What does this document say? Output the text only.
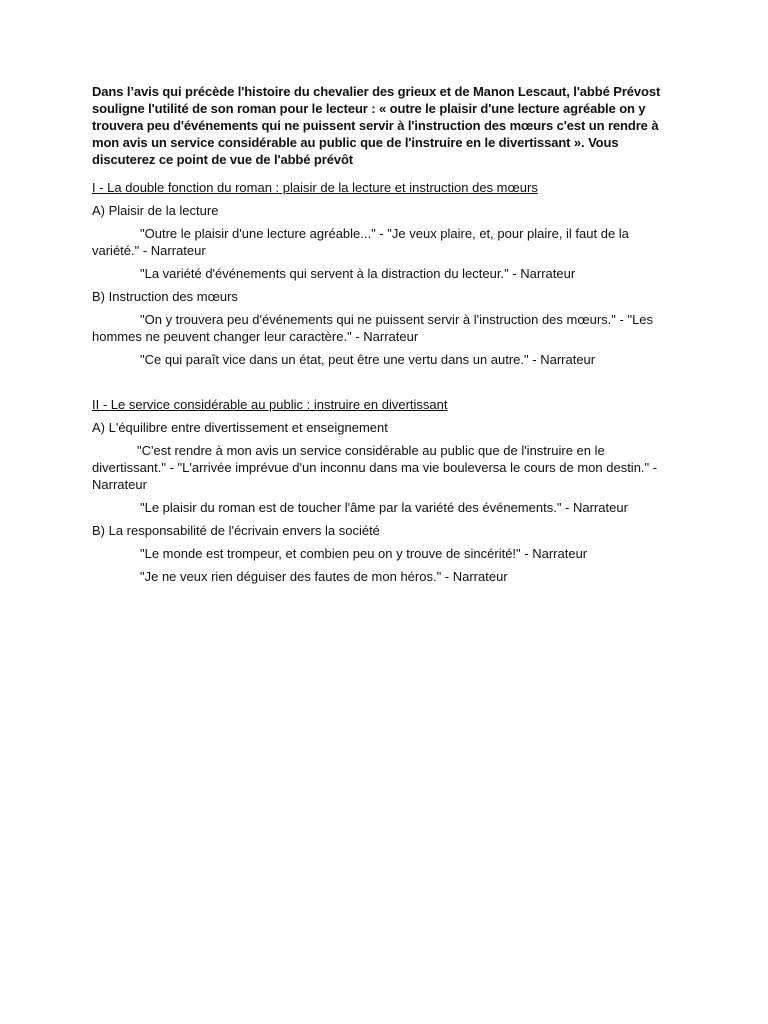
Dans l’avis qui précède l'histoire du chevalier des grieux et de Manon Lescaut, l'abbé Prévost souligne l'utilité de son roman pour le lecteur : « outre le plaisir d'une lecture agréable on y trouvera peu d'événements qui ne puissent servir à l'instruction des mœurs c'est un rendre à mon avis un service considérable au public que de l'instruire en le divertissant ». Vous discuterez ce point de vue de l'abbé prévôt

I - La double fonction du roman : plaisir de la lecture et instruction des mœurs

A) Plaisir de la lecture

"Outre le plaisir d'une lecture agréable..." - "Je veux plaire, et, pour plaire, il faut de la variété." - Narrateur

"La variété d'événements qui servent à la distraction du lecteur." - Narrateur

B) Instruction des mœurs

"On y trouvera peu d'événements qui ne puissent servir à l'instruction des mœurs." - "Les hommes ne peuvent changer leur caractère." - Narrateur

"Ce qui paraît vice dans un état, peut être une vertu dans un autre." - Narrateur

II - Le service considérable au public : instruire en divertissant

A) L'équilibre entre divertissement et enseignement

"C'est rendre à mon avis un service considérable au public que de l'instruire en le divertissant." - "L'arrivée imprévue d'un inconnu dans ma vie bouleversa le cours de mon destin." - Narrateur

"Le plaisir du roman est de toucher l'âme par la variété des événements." - Narrateur

B) La responsabilité de l'écrivain envers la société

"Le monde est trompeur, et combien peu on y trouve de sincérité!" - Narrateur

"Je ne veux rien déguiser des fautes de mon héros." - Narrateur
